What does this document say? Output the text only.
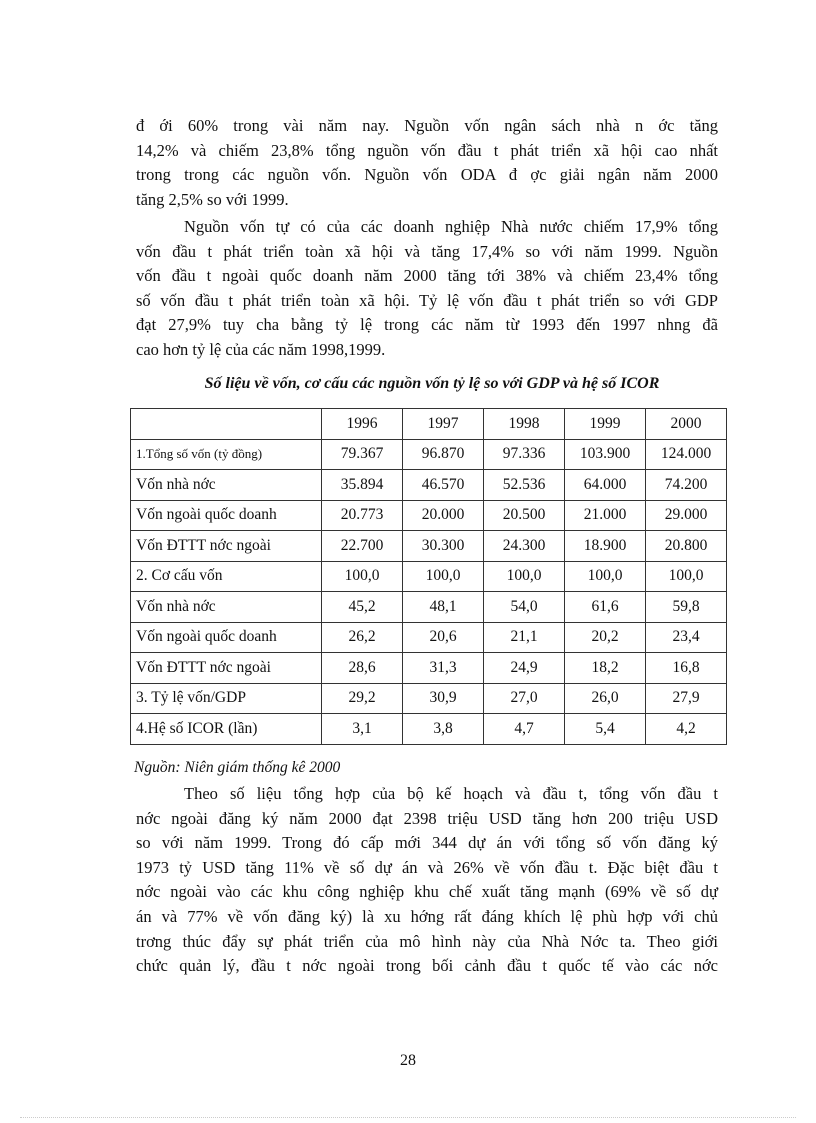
đ ới 60% trong vài năm nay. Nguồn vốn ngân sách nhà n ớc tăng
14,2% và chiếm 23,8% tổng nguồn vốn đầu t phát triển xã hội cao nhất
trong trong các nguồn vốn. Nguồn vốn ODA đ ợc giải ngân năm 2000
tăng 2,5% so với 1999.
Nguồn vốn tự có của các doanh nghiệp Nhà nước chiếm 17,9% tổng
vốn đầu t phát triển toàn xã hội và tăng 17,4% so với năm 1999. Nguồn
vốn đầu t ngoài quốc doanh năm 2000 tăng tới 38% và chiếm 23,4% tổng
số vốn đầu t phát triển toàn xã hội. Tỷ lệ vốn đầu t phát triển so với GDP
đạt 27,9% tuy cha bằng tỷ lệ trong các năm từ 1993 đến 1997 nhng đã
cao hơn tỷ lệ của các năm 1998,1999.
Số liệu về vốn, cơ cấu các nguồn vốn tỷ lệ so với GDP và hệ số ICOR
	1996	1997	1998	1999	2000
1.Tổng số vốn (tỷ đồng)	79.367	96.870	97.336	103.900	124.000
Vốn nhà nớc	35.894	46.570	52.536	64.000	74.200
Vốn ngoài quốc doanh	20.773	20.000	20.500	21.000	29.000
Vốn ĐTTT nớc ngoài	22.700	30.300	24.300	18.900	20.800
2. Cơ cấu vốn	100,0	100,0	100,0	100,0	100,0
Vốn nhà nớc	45,2	48,1	54,0	61,6	59,8
Vốn ngoài quốc doanh	26,2	20,6	21,1	20,2	23,4
Vốn ĐTTT nớc ngoài	28,6	31,3	24,9	18,2	16,8
3. Tỷ lệ vốn/GDP	29,2	30,9	27,0	26,0	27,9
4.Hệ số ICOR (lần)	3,1	3,8	4,7	5,4	4,2
Nguồn: Niên giám thống kê 2000
Theo số liệu tổng hợp của bộ kế hoạch và đầu t, tổng vốn đầu t
nớc ngoài đăng ký năm 2000 đạt 2398 triệu USD tăng hơn 200 triệu USD
so với năm 1999. Trong đó cấp mới 344 dự án với tổng số vốn đăng ký
1973 tỷ USD tăng 11% về số dự án và 26% về vốn đầu t. Đặc biệt đầu t
nớc ngoài vào các khu công nghiệp khu chế xuất tăng mạnh (69% về số dự
án và 77% về vốn đăng ký) là xu hớng rất đáng khích lệ phù hợp với chủ
trơng thúc đẩy sự phát triển của mô hình này của Nhà Nớc ta. Theo giới
chức quản lý, đầu t nớc ngoài trong bối cảnh đầu t quốc tế vào các nớc
28
